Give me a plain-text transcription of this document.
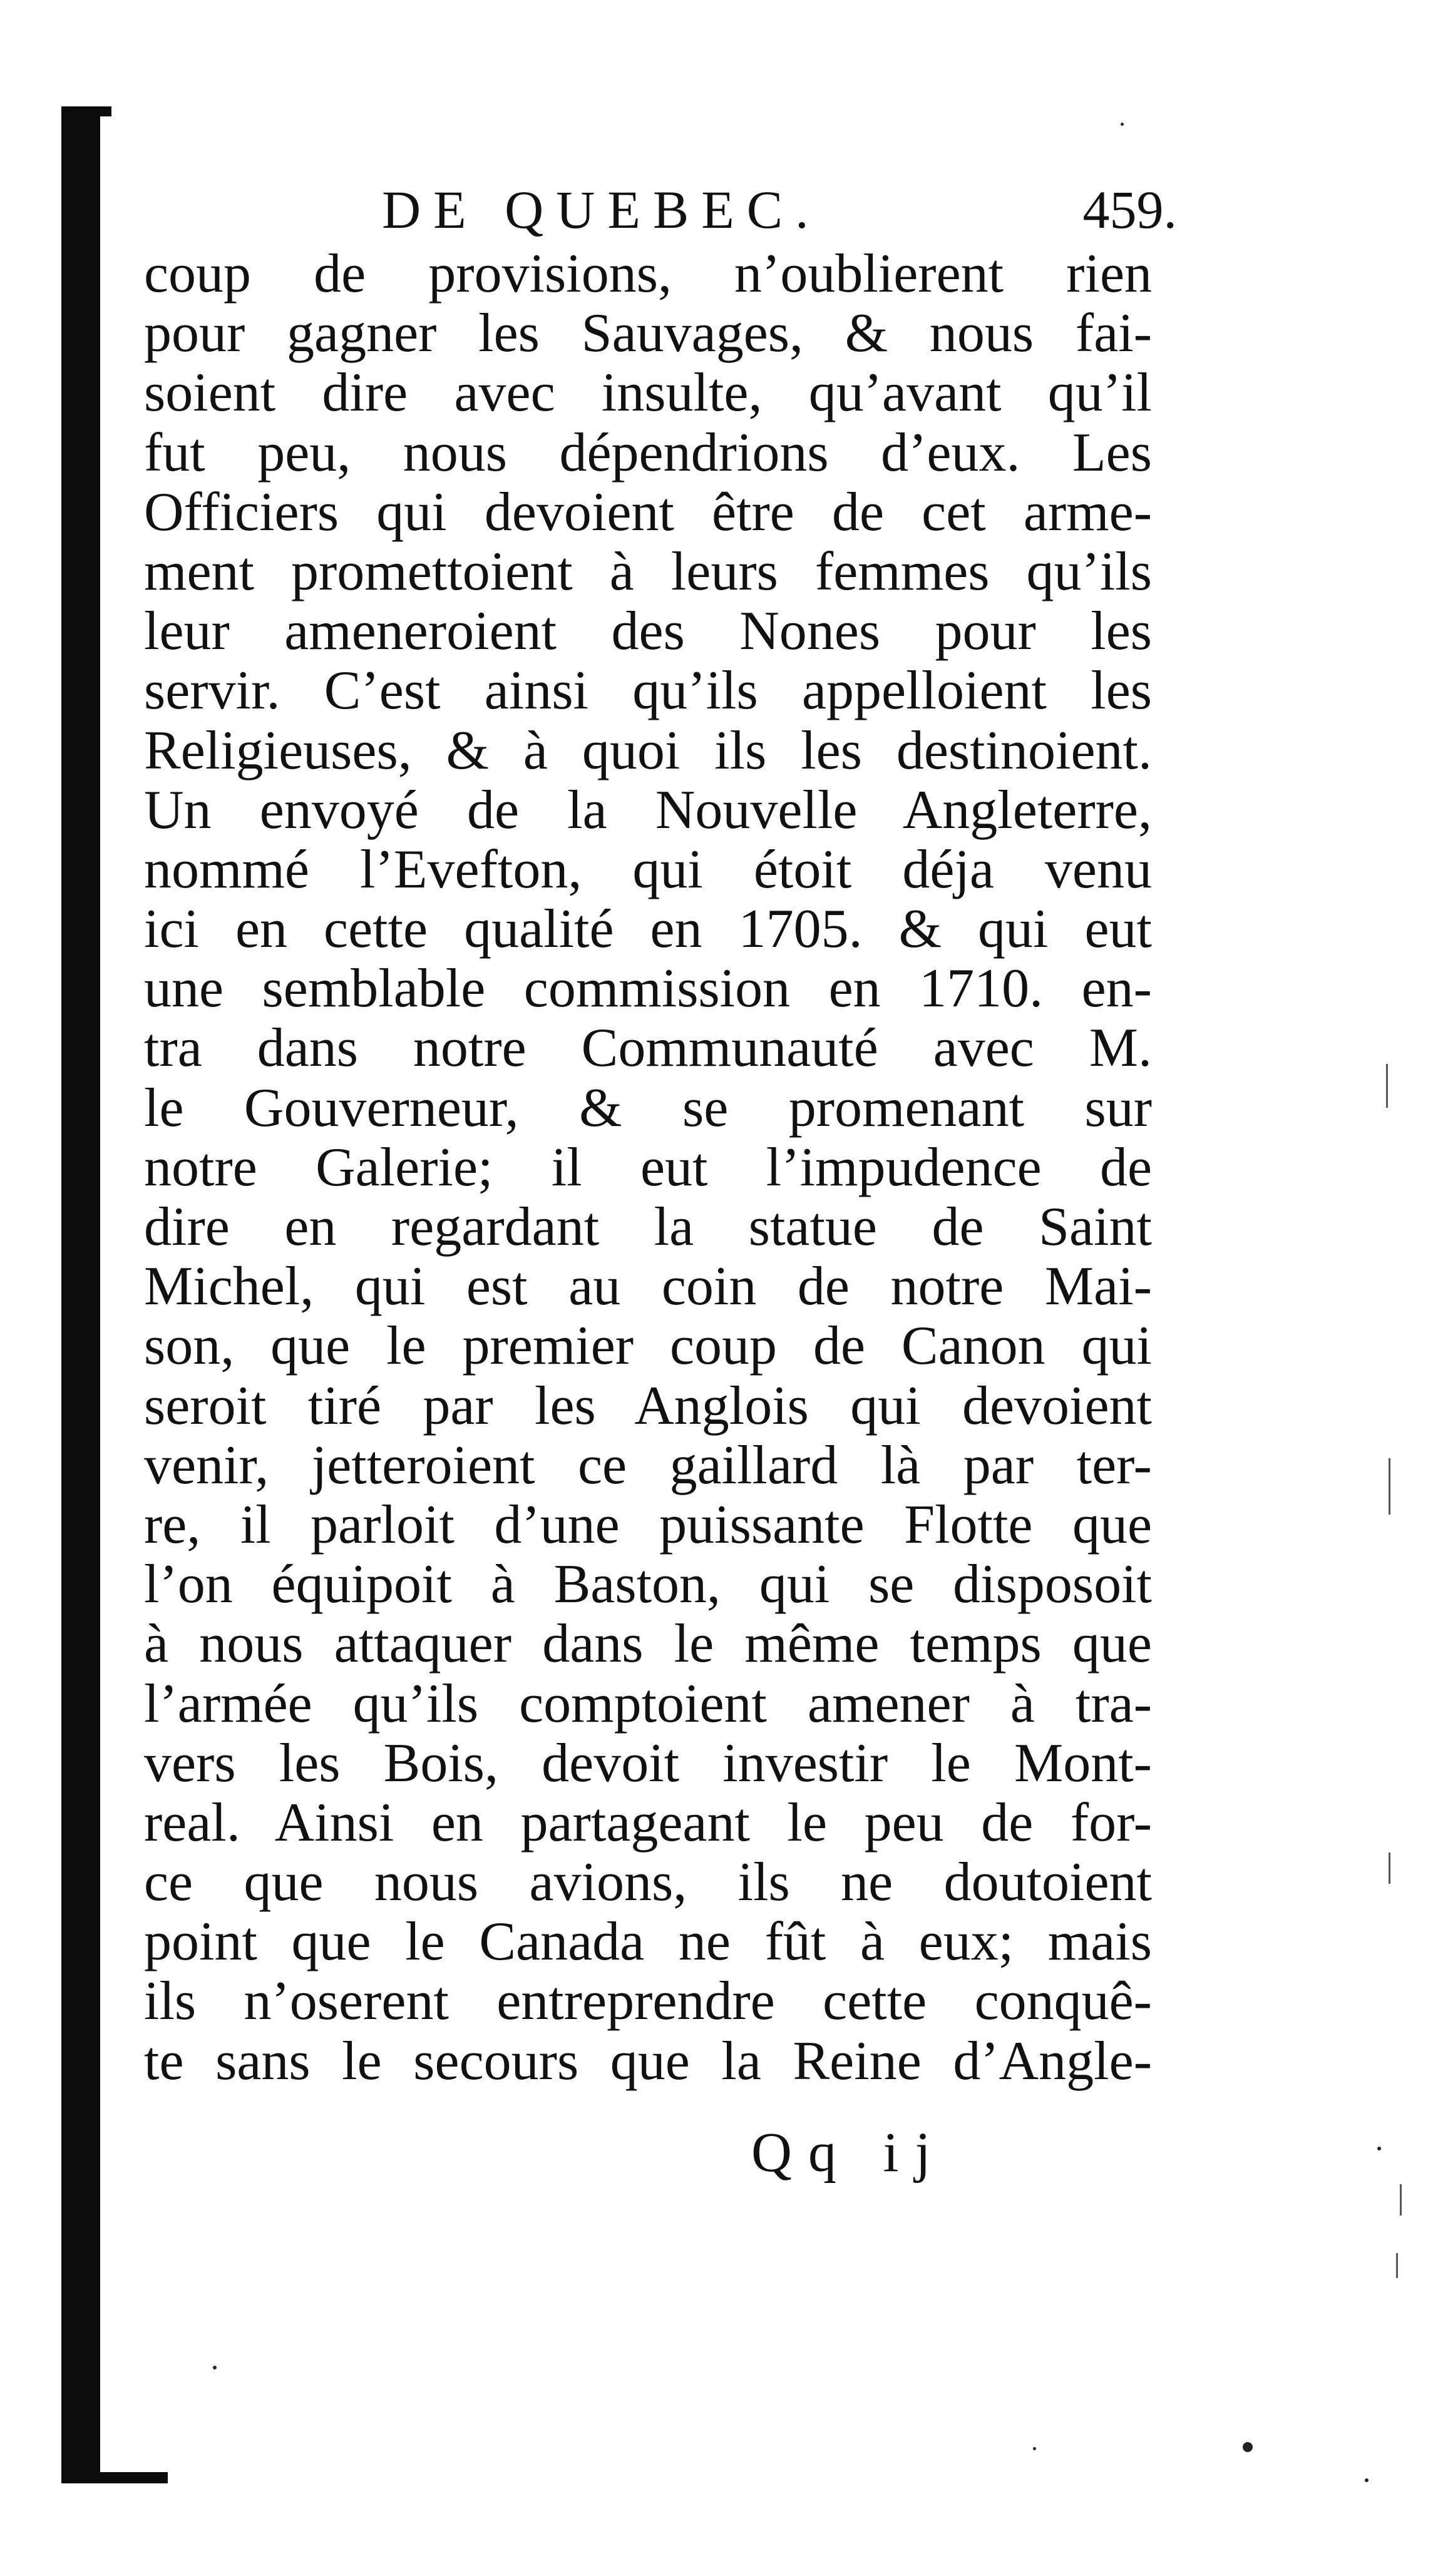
DE QUEBEC.	459.
coup de provisions, n’oublierent rien
pour gagner les Sauvages, & nous fai-
soient dire avec insulte, qu’avant qu’il
fut peu, nous dépendrions d’eux. Les
Officiers qui devoient être de cet arme-
ment promettoient à leurs femmes qu’ils
leur ameneroient des Nones pour les
servir. C’est ainsi qu’ils appelloient les
Religieuses, & à quoi ils les destinoient.
Un envoyé de la Nouvelle Angleterre,
nommé l’Evefton, qui étoit déja venu
ici en cette qualité en 1705. & qui eut
une semblable commission en 1710. en-
tra dans notre Communauté avec M.
le Gouverneur, & se promenant sur
notre Galerie; il eut l’impudence de
dire en regardant la statue de Saint
Michel, qui est au coin de notre Mai-
son, que le premier coup de Canon qui
seroit tiré par les Anglois qui devoient
venir, jetteroient ce gaillard là par ter-
re, il parloit d’une puissante Flotte que
l’on équipoit à Baston, qui se disposoit
à nous attaquer dans le même temps que
l’armée qu’ils comptoient amener à tra-
vers les Bois, devoit investir le Mont-
real. Ainsi en partageant le peu de for-
ce que nous avions, ils ne doutoient
point que le Canada ne fût à eux; mais
ils n’oserent entreprendre cette conquê-
te sans le secours que la Reine d’Angle-
Qq ij
